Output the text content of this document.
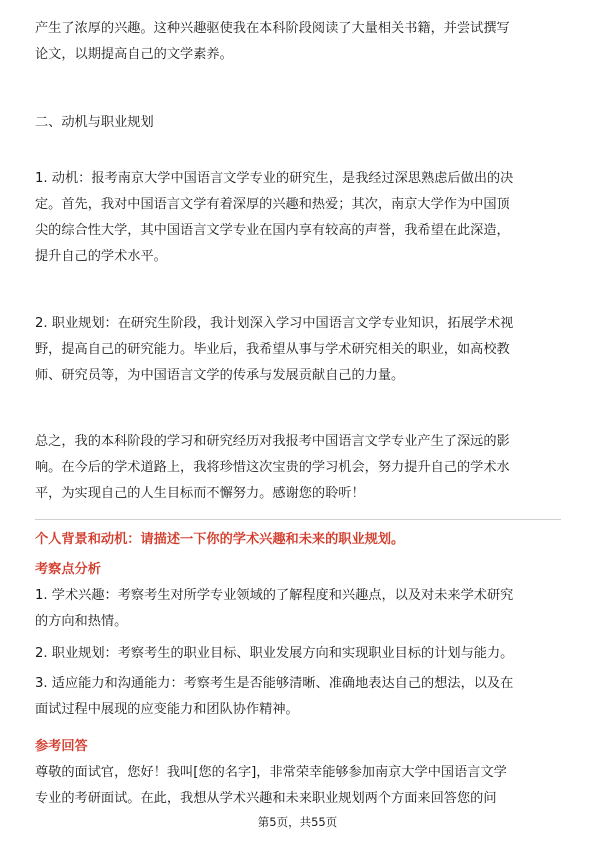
产生了浓厚的兴趣。这种兴趣驱使我在本科阶段阅读了大量相关书籍，并尝试撰写
论文，以期提高自己的文学素养。

二、动机与职业规划

1. 动机：报考南京大学中国语言文学专业的研究生，是我经过深思熟虑后做出的决
定。首先，我对中国语言文学有着深厚的兴趣和热爱；其次，南京大学作为中国顶
尖的综合性大学，其中国语言文学专业在国内享有较高的声誉，我希望在此深造，
提升自己的学术水平。

2. 职业规划：在研究生阶段，我计划深入学习中国语言文学专业知识，拓展学术视
野，提高自己的研究能力。毕业后，我希望从事与学术研究相关的职业，如高校教
师、研究员等，为中国语言文学的传承与发展贡献自己的力量。

总之，我的本科阶段的学习和研究经历对我报考中国语言文学专业产生了深远的影
响。在今后的学术道路上，我将珍惜这次宝贵的学习机会，努力提升自己的学术水
平，为实现自己的人生目标而不懈努力。感谢您的聆听！

个人背景和动机：请描述一下你的学术兴趣和未来的职业规划。

考察点分析

1. 学术兴趣：考察考生对所学专业领域的了解程度和兴趣点，以及对未来学术研究
的方向和热情。

2. 职业规划：考察考生的职业目标、职业发展方向和实现职业目标的计划与能力。

3. 适应能力和沟通能力：考察考生是否能够清晰、准确地表达自己的想法，以及在
面试过程中展现的应变能力和团队协作精神。

参考回答

尊敬的面试官，您好！我叫[您的名字]，非常荣幸能够参加南京大学中国语言文学
专业的考研面试。在此，我想从学术兴趣和未来职业规划两个方面来回答您的问

第5页，共55页
